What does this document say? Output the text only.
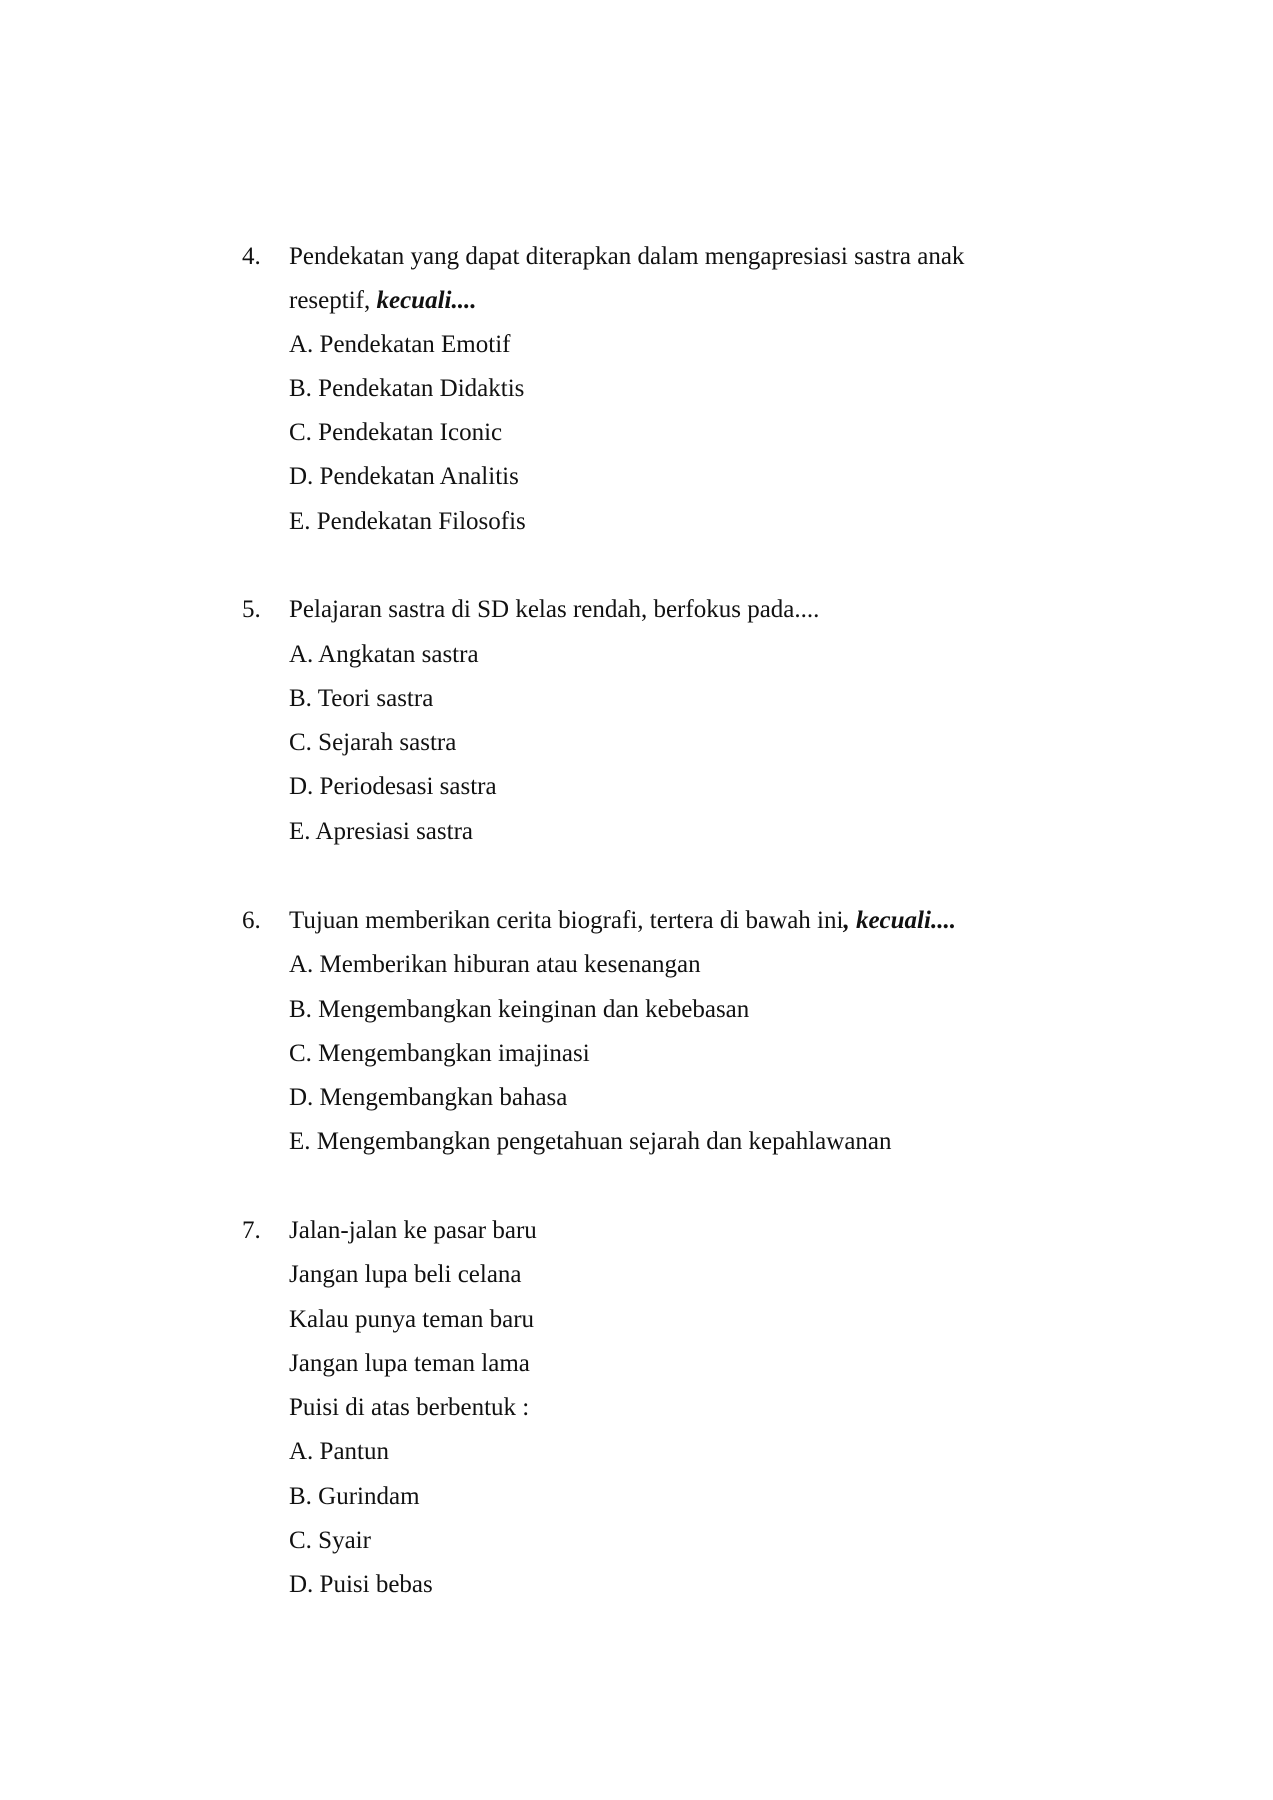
4. Pendekatan yang dapat diterapkan dalam mengapresiasi sastra anak
reseptif, kecuali....
A. Pendekatan Emotif
B. Pendekatan Didaktis
C. Pendekatan Iconic
D. Pendekatan Analitis
E. Pendekatan Filosofis
5. Pelajaran sastra di SD kelas rendah, berfokus pada....
A. Angkatan sastra
B. Teori sastra
C. Sejarah sastra
D. Periodesasi sastra
E. Apresiasi sastra
6. Tujuan memberikan cerita biografi, tertera di bawah ini, kecuali....
A. Memberikan hiburan atau kesenangan
B. Mengembangkan keinginan dan kebebasan
C. Mengembangkan imajinasi
D. Mengembangkan bahasa
E. Mengembangkan pengetahuan sejarah dan kepahlawanan
7. Jalan-jalan ke pasar baru
Jangan lupa beli celana
Kalau punya teman baru
Jangan lupa teman lama
Puisi di atas berbentuk :
A. Pantun
B. Gurindam
C. Syair
D. Puisi bebas
